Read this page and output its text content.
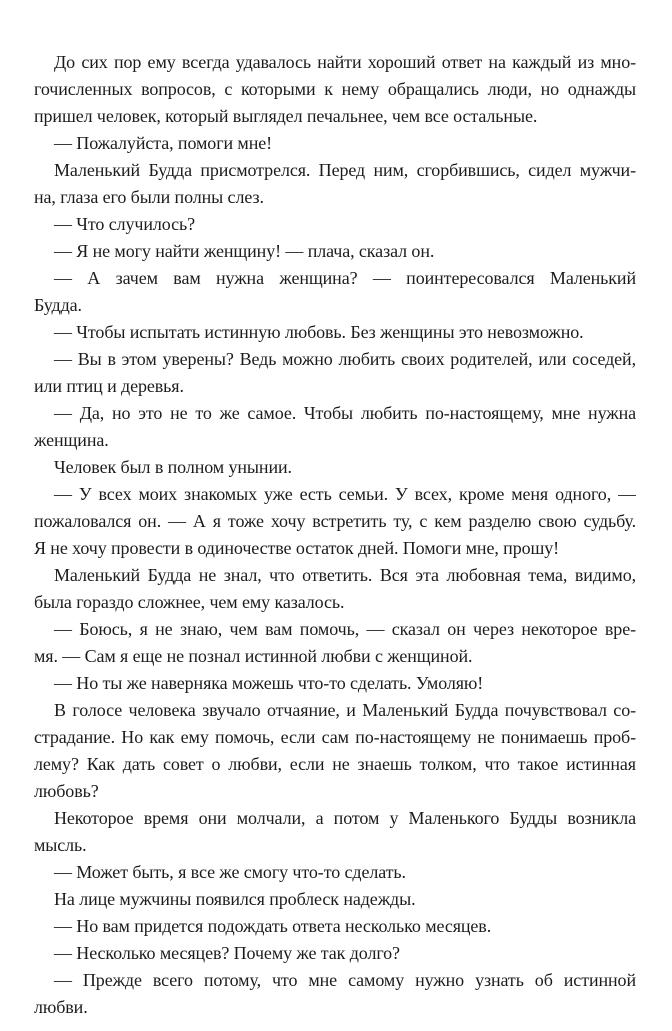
До сих пор ему всегда удавалось найти хороший ответ на каждый из мно-
гочисленных вопросов, с которыми к нему обращались люди, но однажды
пришел человек, который выглядел печальнее, чем все остальные.
— Пожалуйста, помоги мне!
Маленький Будда присмотрелся. Перед ним, сгорбившись, сидел мужчи-
на, глаза его были полны слез.
— Что случилось?
— Я не могу найти женщину! — плача, сказал он.
— А зачем вам нужна женщина? — поинтересовался Маленький
Будда.
— Чтобы испытать истинную любовь. Без женщины это невозможно.
— Вы в этом уверены? Ведь можно любить своих родителей, или соседей,
или птиц и деревья.
— Да, но это не то же самое. Чтобы любить по-настоящему, мне нужна
женщина.
Человек был в полном унынии.
— У всех моих знакомых уже есть семьи. У всех, кроме меня одного, —
пожаловался он. — А я тоже хочу встретить ту, с кем разделю свою судьбу.
Я не хочу провести в одиночестве остаток дней. Помоги мне, прошу!
Маленький Будда не знал, что ответить. Вся эта любовная тема, видимо,
была гораздо сложнее, чем ему казалось.
— Боюсь, я не знаю, чем вам помочь, — сказал он через некоторое вре-
мя. — Сам я еще не познал истинной любви с женщиной.
— Но ты же наверняка можешь что-то сделать. Умоляю!
В голосе человека звучало отчаяние, и Маленький Будда почувствовал со-
страдание. Но как ему помочь, если сам по-настоящему не понимаешь проб-
лему? Как дать совет о любви, если не знаешь толком, что такое истинная
любовь?
Некоторое время они молчали, а потом у Маленького Будды возникла
мысль.
— Может быть, я все же смогу что-то сделать.
На лице мужчины появился проблеск надежды.
— Но вам придется подождать ответа несколько месяцев.
— Несколько месяцев? Почему же так долго?
— Прежде всего потому, что мне самому нужно узнать об истинной
любви.
